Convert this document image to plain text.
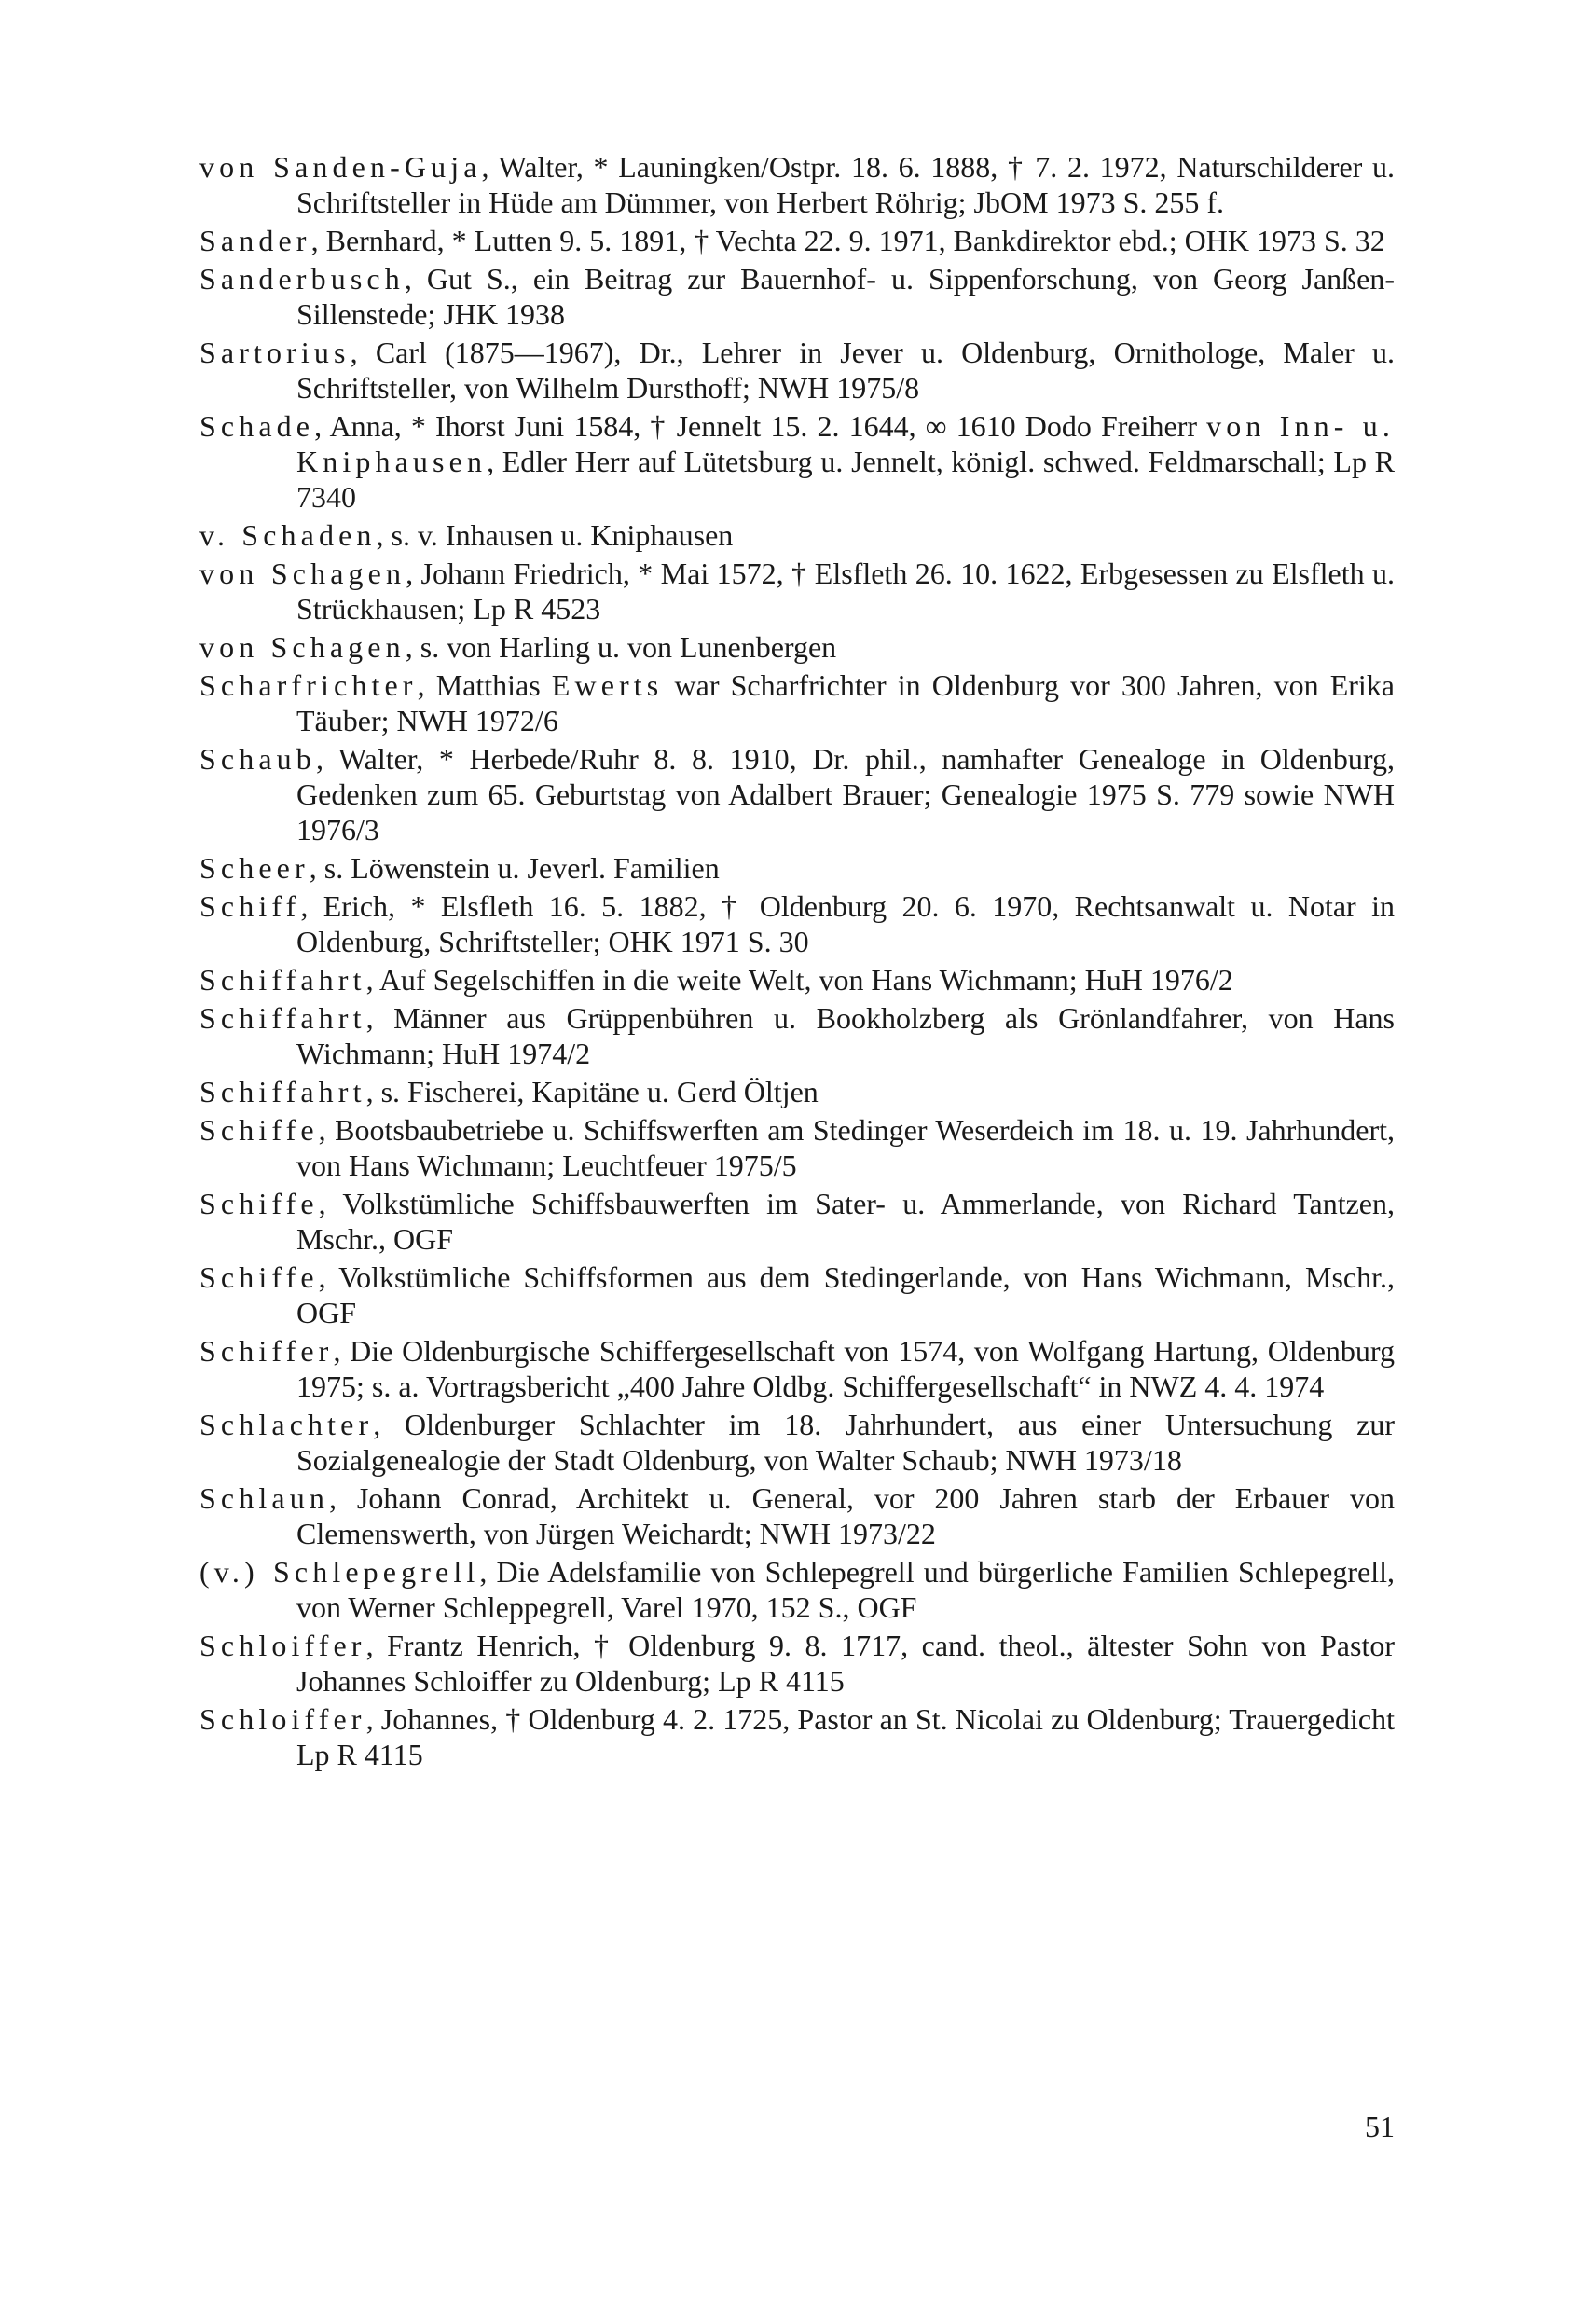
von Sanden-Guja, Walter, * Launingken/Ostpr. 18. 6. 1888, † 7. 2. 1972, Naturschilderer u. Schriftsteller in Hüde am Dümmer, von Herbert Röhrig; JbOM 1973 S. 255 f.

Sander, Bernhard, * Lutten 9. 5. 1891, † Vechta 22. 9. 1971, Bankdirektor ebd.; OHK 1973 S. 32

Sanderbusch, Gut S., ein Beitrag zur Bauernhof- u. Sippenforschung, von Georg Janßen-Sillenstede; JHK 1938

Sartorius, Carl (1875—1967), Dr., Lehrer in Jever u. Oldenburg, Ornithologe, Maler u. Schriftsteller, von Wilhelm Dursthoff; NWH 1975/8

Schade, Anna, * Ihorst Juni 1584, † Jennelt 15. 2. 1644, ∞ 1610 Dodo Freiherr von Inn- u. Kniphausen, Edler Herr auf Lütetsburg u. Jennelt, königl. schwed. Feldmarschall; Lp R 7340

v. Schaden, s. v. Inhausen u. Kniphausen

von Schagen, Johann Friedrich, * Mai 1572, † Elsfleth 26. 10. 1622, Erbgesessen zu Elsfleth u. Strückhausen; Lp R 4523

von Schagen, s. von Harling u. von Lunenbergen

Scharfrichter, Matthias Ewerts war Scharfrichter in Oldenburg vor 300 Jahren, von Erika Täuber; NWH 1972/6

Schaub, Walter, * Herbede/Ruhr 8. 8. 1910, Dr. phil., namhafter Genealoge in Oldenburg, Gedenken zum 65. Geburtstag von Adalbert Brauer; Genealogie 1975 S. 779 sowie NWH 1976/3

Scheer, s. Löwenstein u. Jeverl. Familien

Schiff, Erich, * Elsfleth 16. 5. 1882, † Oldenburg 20. 6. 1970, Rechtsanwalt u. Notar in Oldenburg, Schriftsteller; OHK 1971 S. 30

Schiffahrt, Auf Segelschiffen in die weite Welt, von Hans Wichmann; HuH 1976/2

Schiffahrt, Männer aus Grüppenbühren u. Bookholzberg als Grönlandfahrer, von Hans Wichmann; HuH 1974/2

Schiffahrt, s. Fischerei, Kapitäne u. Gerd Öltjen

Schiffe, Bootsbaubetriebe u. Schiffswerften am Stedinger Weserdeich im 18. u. 19. Jahrhundert, von Hans Wichmann; Leuchtfeuer 1975/5

Schiffe, Volkstümliche Schiffsbauwerften im Sater- u. Ammerlande, von Richard Tantzen, Mschr., OGF

Schiffe, Volkstümliche Schiffsformen aus dem Stedingerlande, von Hans Wichmann, Mschr., OGF

Schiffer, Die Oldenburgische Schiffergesellschaft von 1574, von Wolfgang Hartung, Oldenburg 1975; s. a. Vortragsbericht „400 Jahre Oldbg. Schiffergesellschaft“ in NWZ 4. 4. 1974

Schlachter, Oldenburger Schlachter im 18. Jahrhundert, aus einer Untersuchung zur Sozialgenealogie der Stadt Oldenburg, von Walter Schaub; NWH 1973/18

Schlaun, Johann Conrad, Architekt u. General, vor 200 Jahren starb der Erbauer von Clemenswerth, von Jürgen Weichardt; NWH 1973/22

(v.) Schlepegrell, Die Adelsfamilie von Schlepegrell und bürgerliche Familien Schlepegrell, von Werner Schleppegrell, Varel 1970, 152 S., OGF

Schloiffer, Frantz Henrich, † Oldenburg 9. 8. 1717, cand. theol., ältester Sohn von Pastor Johannes Schloiffer zu Oldenburg; Lp R 4115

Schloiffer, Johannes, † Oldenburg 4. 2. 1725, Pastor an St. Nicolai zu Oldenburg; Trauergedicht Lp R 4115

51
